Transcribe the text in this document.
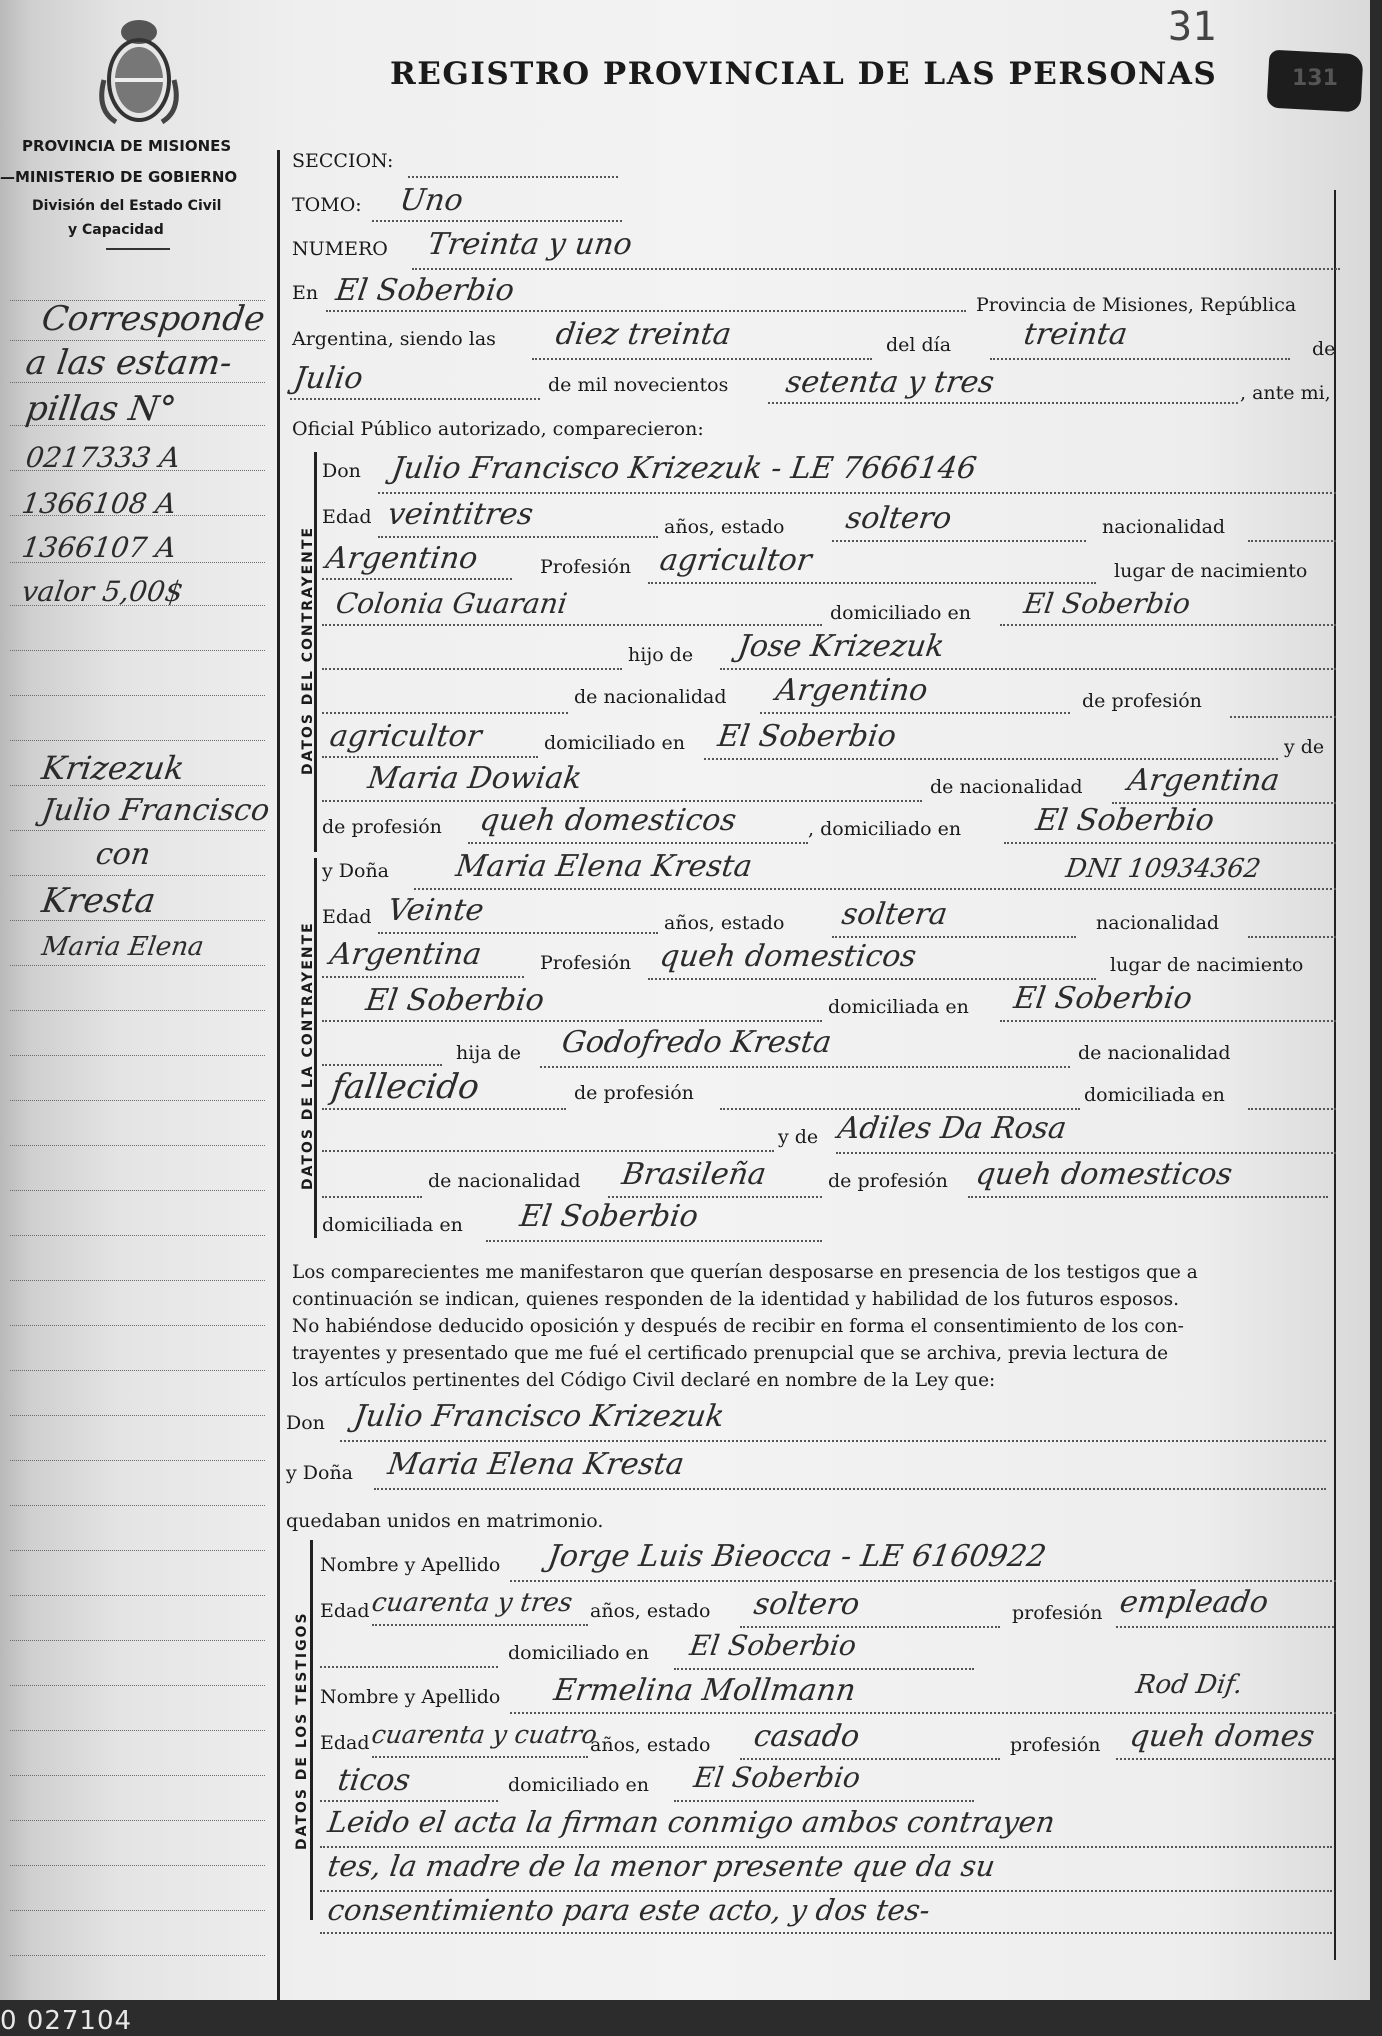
31
REGISTRO PROVINCIAL DE LAS PERSONAS	131
PROVINCIA DE MISIONES
—MINISTERIO DE GOBIERNO
División del Estado Civil
y Capacidad
Corresponde
a las estam-
pillas N°
0217333 A
1366108 A
1366107 A
valor 5,00$
Krizezuk
Julio Francisco
con
Kresta
Maria Elena
SECCION:
TOMO: Uno
NUMERO Treinta y uno
En El Soberbio	Provincia de Misiones, República
Argentina, siendo las diez treinta	del día treinta	de
Julio	de mil novecientos setenta y tres	, ante mi,
Oficial Público autorizado, comparecieron:
DATOS DEL CONTRAYENTE
Don Julio Francisco Krizezuk - LE 7666146
Edad veintitres	años, estado soltero	nacionalidad
Argentino	Profesión agricultor	lugar de nacimiento
Colonia Guarani	domiciliado en El Soberbio
hijo de Jose Krizezuk
de nacionalidad Argentino	de profesión
agricultor	domiciliado en El Soberbio	y de
Maria Dowiak	de nacionalidad Argentina
de profesión queh domesticos	, domiciliado en El Soberbio
DATOS DE LA CONTRAYENTE
y Doña Maria Elena Kresta	DNI 10934362
Edad Veinte	años, estado soltera	nacionalidad
Argentina	Profesión queh domesticos	lugar de nacimiento
El Soberbio	domiciliada en El Soberbio
hija de Godofredo Kresta	de nacionalidad
fallecido	de profesión	domiciliada en
y de Adiles Da Rosa
de nacionalidad Brasileña	de profesión queh domesticos
domiciliada en El Soberbio
Los comparecientes me manifestaron que querían desposarse en presencia de los testigos que a
continuación se indican, quienes responden de la identidad y habilidad de los futuros esposos.
No habiéndose deducido oposición y después de recibir en forma el consentimiento de los con-
trayentes y presentado que me fué el certificado prenupcial que se archiva, previa lectura de
los artículos pertinentes del Código Civil declaré en nombre de la Ley que:
Don Julio Francisco Krizezuk
y Doña Maria Elena Kresta
quedaban unidos en matrimonio.
DATOS DE LOS TESTIGOS
Nombre y Apellido Jorge Luis Bieocca - LE 6160922
Edad cuarenta y tres años, estado soltero	profesión empleado
domiciliado en El Soberbio
Nombre y Apellido Ermelina Mollmann	Rod Dif.
Edad cuarenta y cuatro
años, estado casado	profesión queh domes
ticos	domiciliado en El Soberbio
Leido el acta la firman conmigo ambos contrayen
tes, la madre de la menor presente que da su
consentimiento para este acto, y dos tes-
0 027104
